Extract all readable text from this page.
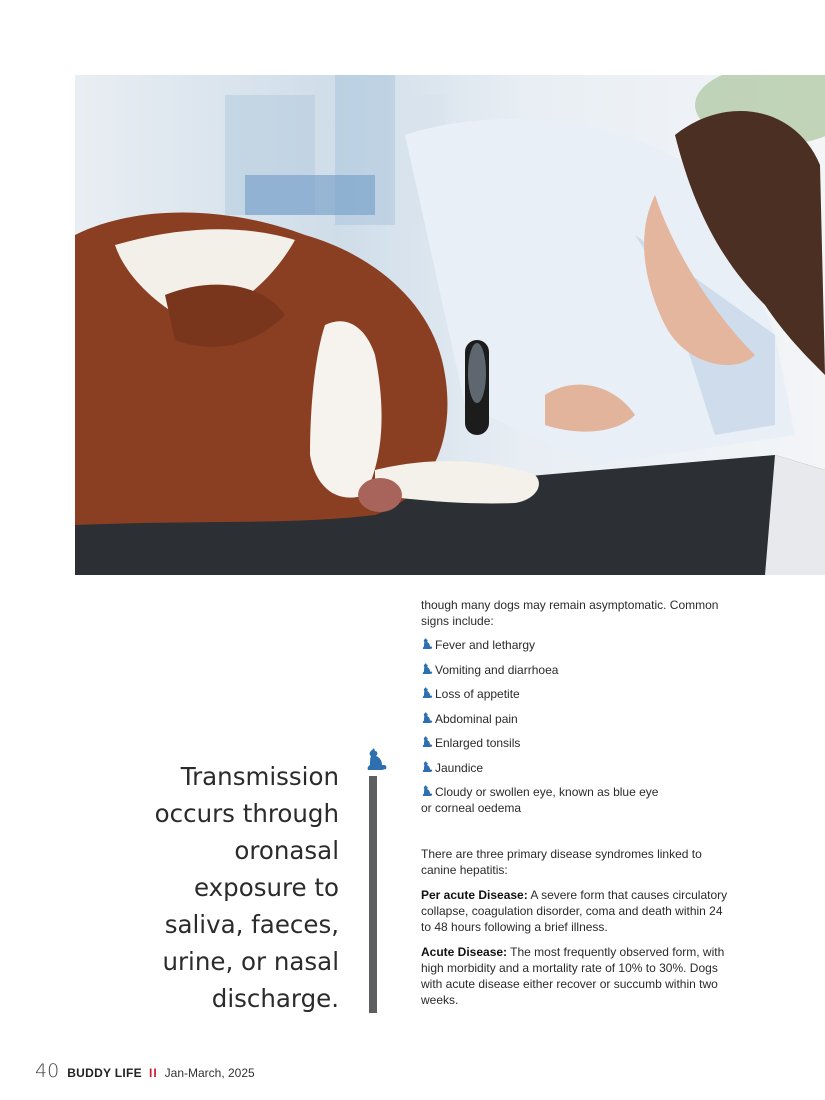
Transmission
occurs through
oronasal
exposure to
saliva, faeces,
urine, or nasal
discharge.

though many dogs may remain asymptomatic. Common signs include:

Fever and lethargy
Vomiting and diarrhoea
Loss of appetite
Abdominal pain
Enlarged tonsils
Jaundice
Cloudy or swollen eye, known as blue eye
or corneal oedema

There are three primary disease syndromes linked to canine hepatitis:

Per acute Disease: A severe form that causes circulatory collapse, coagulation disorder, coma and death within 24 to 48 hours following a brief illness.

Acute Disease: The most frequently observed form, with high morbidity and a mortality rate of 10% to 30%. Dogs with acute disease either recover or succumb within two weeks.

40 BUDDY LIFE II Jan-March, 2025
